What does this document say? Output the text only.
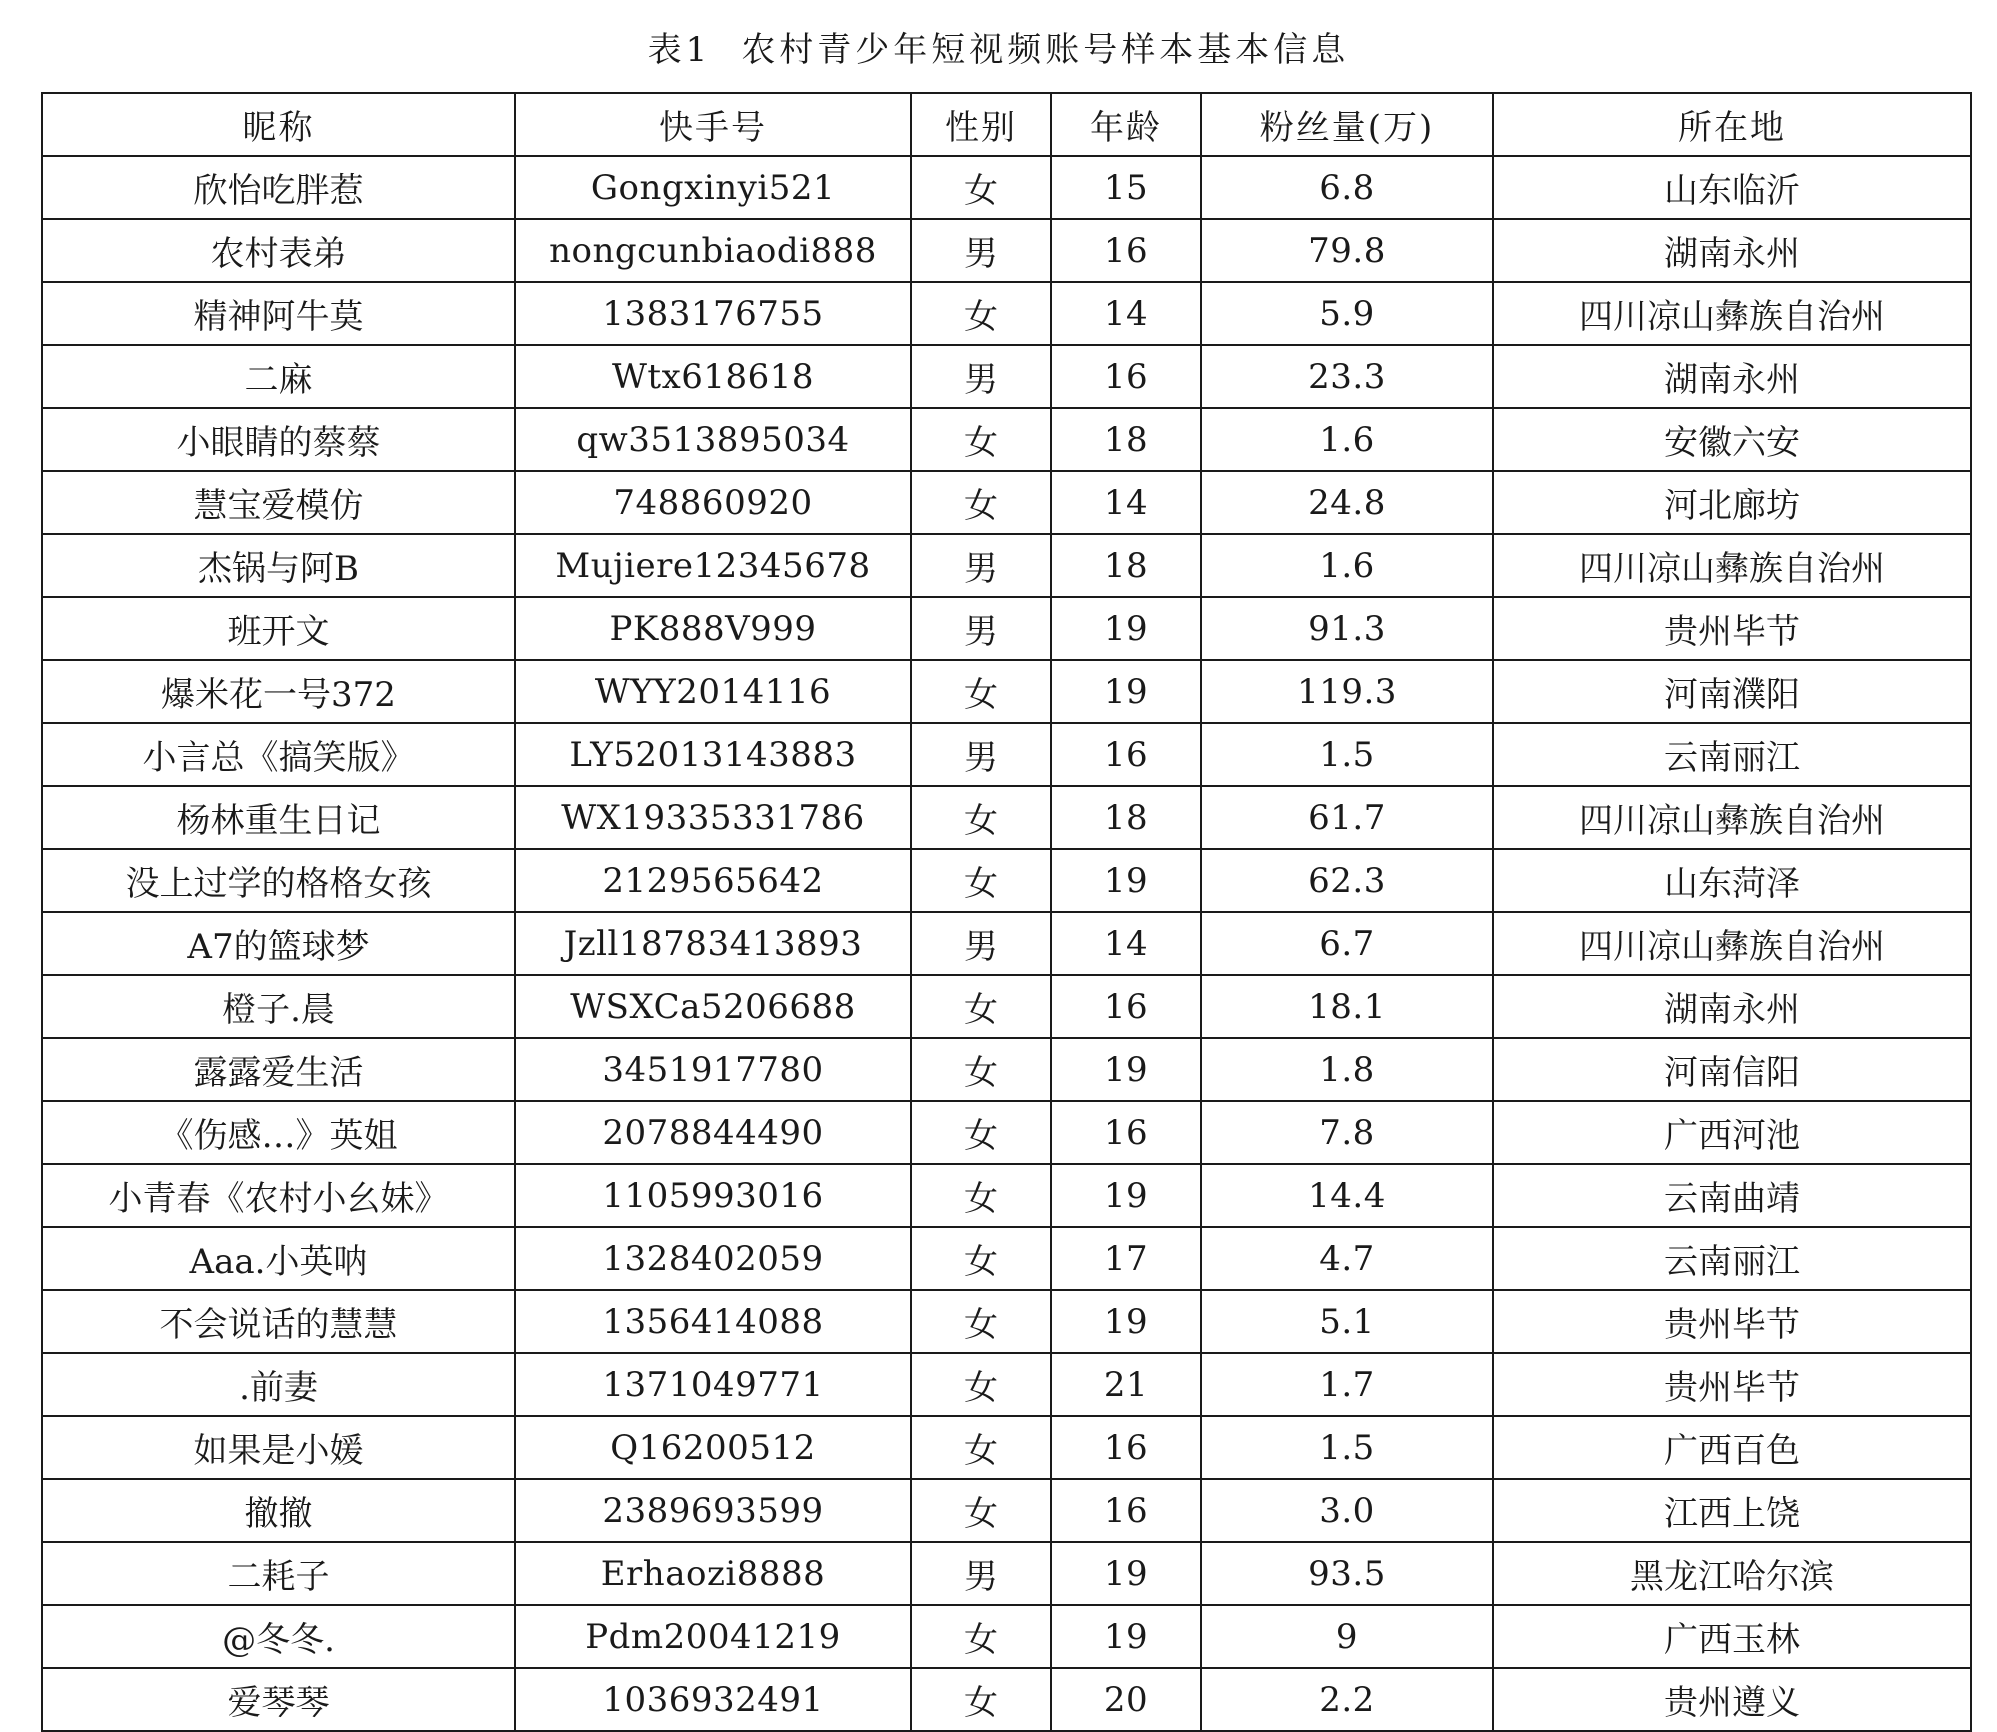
表1 农村青少年短视频账号样本基本信息
昵称	快手号	性别	年龄	粉丝量(万)	所在地
欣怡吃胖惹	Gongxinyi521	女	15	6.8	山东临沂
农村表弟	nongcunbiaodi888	男	16	79.8	湖南永州
精神阿牛莫	1383176755	女	14	5.9	四川凉山彝族自治州
二麻	Wtx618618	男	16	23.3	湖南永州
小眼睛的蔡蔡	qw3513895034	女	18	1.6	安徽六安
慧宝爱模仿	748860920	女	14	24.8	河北廊坊
杰锅与阿B	Mujiere12345678	男	18	1.6	四川凉山彝族自治州
班开文	PK888V999	男	19	91.3	贵州毕节
爆米花一号372	WYY2014116	女	19	119.3	河南濮阳
小言总《搞笑版》	LY52013143883	男	16	1.5	云南丽江
杨林重生日记	WX19335331786	女	18	61.7	四川凉山彝族自治州
没上过学的格格女孩	2129565642	女	19	62.3	山东菏泽
A7的篮球梦	Jzll18783413893	男	14	6.7	四川凉山彝族自治州
橙子.晨	WSXCa5206688	女	16	18.1	湖南永州
露露爱生活	3451917780	女	19	1.8	河南信阳
《伤感…》英姐	2078844490	女	16	7.8	广西河池
小青春《农村小幺妹》	1105993016	女	19	14.4	云南曲靖
Aaa.小英呐	1328402059	女	17	4.7	云南丽江
不会说话的慧慧	1356414088	女	19	5.1	贵州毕节
.前妻	1371049771	女	21	1.7	贵州毕节
如果是小媛	Q16200512	女	16	1.5	广西百色
撤撤	2389693599	女	16	3.0	江西上饶
二耗子	Erhaozi8888	男	19	93.5	黑龙江哈尔滨
@冬冬.	Pdm20041219	女	19	9	广西玉林
爱琴琴	1036932491	女	20	2.2	贵州遵义
